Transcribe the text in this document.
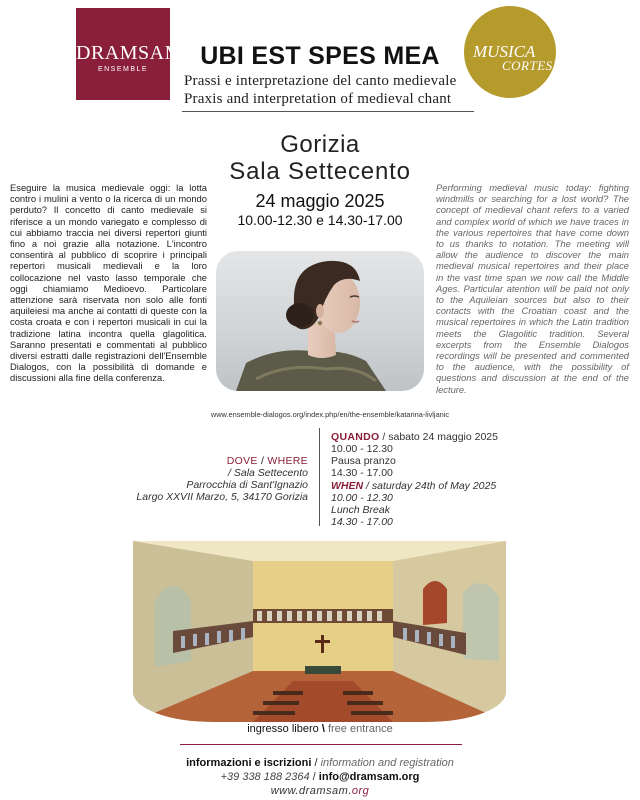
DRAMSAM
ENSEMBLE
MUSICA
CORTESE
UBI EST SPES MEA
Prassi e interpretazione del canto medievale
Praxis and interpretation of medieval chant
Gorizia
Sala Settecento
24 maggio 2025
10.00-12.30 e 14.30-17.00
Eseguire la musica medievale oggi: la lotta contro i mulini a vento o la ricerca di un mondo perduto? Il concetto di canto medievale si riferisce a un mondo variegato e complesso di cui abbiamo traccia nei diversi repertori giunti fino a noi grazie alla notazione. L'incontro consentirà al pubblico di scoprire i principali repertori musicali medievali e la loro collocazione nel vasto lasso temporale che oggi chiamiamo Medioevo. Particolare attenzione sarà riservata non solo alle fonti aquileiesi ma anche ai contatti di queste con la costa croata e con i repertori musicali in cui la tradizione latina incontra quella glagolitica. Saranno presentati e commentati al pubblico diversi estratti dalle registrazioni dell'Ensemble Dialogos, con la possibilità di domande e discussioni alla fine della conferenza.
Performing medieval music today: fighting windmills or searching for a lost world? The concept of medieval chant refers to a varied and complex world of which we have traces in the various repertoires that have come down to us thanks to notation. The meeting will allow the audience to discover the main medieval musical repertoires and their place in the vast time span we now call the Middle Ages. Particular atention will be paid not only to the Aquileian sources but also to their contacts with the Croatian coast and the musical repertoires in which the Latin tradition meets the Glagolitic tradition. Several excerpts from the Ensemble Dialogos recordings will be presented and commented to the audience, with the possibility of questions and discussion at the end of the lecture.
www.ensemble-dialogos.org/index.php/en/the-ensemble/katarina-livljanic
DOVE / WHERE
/ Sala Settecento
Parrocchia di Sant'Ignazio
Largo XXVII Marzo, 5, 34170 Gorizia
QUANDO / sabato 24 maggio 2025
10.00 - 12.30
Pausa pranzo
14.30 - 17.00
WHEN / saturday 24th of May 2025
10.00 - 12.30
Lunch Break
14.30 - 17.00
ingresso libero \ free entrance
informazioni e iscrizioni / information and registration
+39 338 188 2364 / info@dramsam.org
www.dramsam.org
